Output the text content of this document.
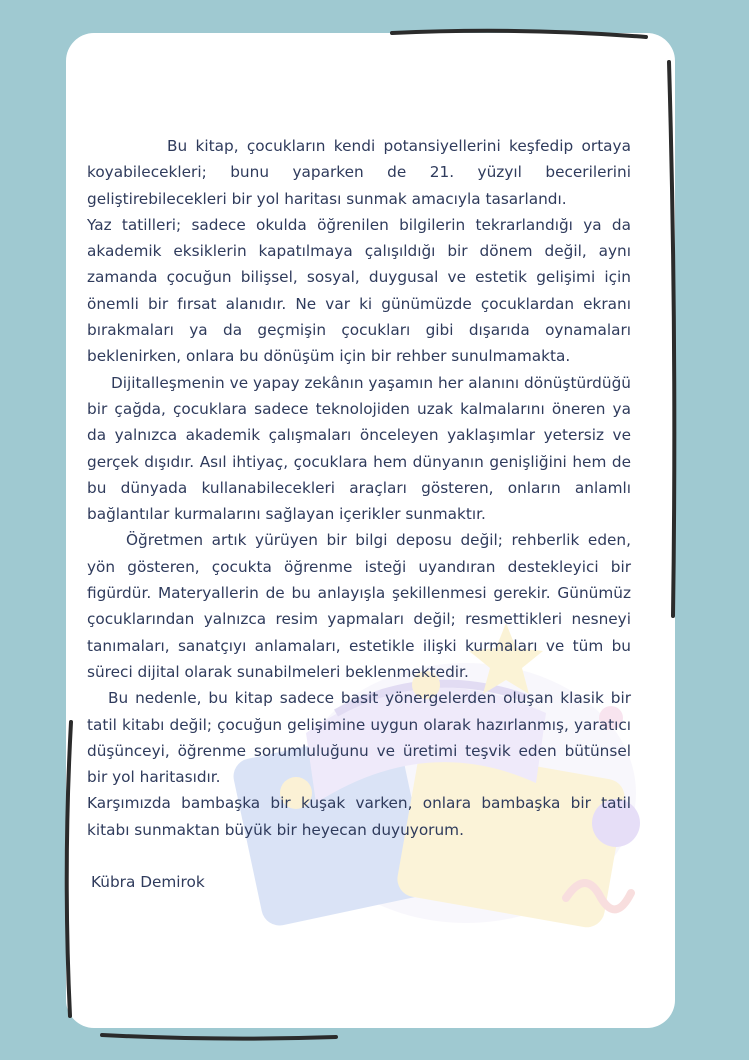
Bu kitap, çocukların kendi potansiyellerini keşfedip ortaya koyabilecekleri; bunu yaparken de 21. yüzyıl becerilerini geliştirebilecekleri bir yol haritası sunmak amacıyla tasarlandı.

Yaz tatilleri; sadece okulda öğrenilen bilgilerin tekrarlandığı ya da akademik eksiklerin kapatılmaya çalışıldığı bir dönem değil, aynı zamanda çocuğun bilişsel, sosyal, duygusal ve estetik gelişimi için önemli bir fırsat alanıdır. Ne var ki günümüzde çocuklardan ekranı bırakmaları ya da geçmişin çocukları gibi dışarıda oynamaları beklenirken, onlara bu dönüşüm için bir rehber sunulmamakta.

Dijitalleşmenin ve yapay zekânın yaşamın her alanını dönüştürdüğü bir çağda, çocuklara sadece teknolojiden uzak kalmalarını öneren ya da yalnızca akademik çalışmaları önceleyen yaklaşımlar yetersiz ve gerçek dışıdır. Asıl ihtiyaç, çocuklara hem dünyanın genişliğini hem de bu dünyada kullanabilecekleri araçları gösteren, onların anlamlı bağlantılar kurmalarını sağlayan içerikler sunmaktır.

Öğretmen artık yürüyen bir bilgi deposu değil; rehberlik eden, yön gösteren, çocukta öğrenme isteği uyandıran destekleyici bir figürdür. Materyallerin de bu anlayışla şekillenmesi gerekir. Günümüz çocuklarından yalnızca resim yapmaları değil; resmettikleri nesneyi tanımaları, sanatçıyı anlamaları, estetikle ilişki kurmaları ve tüm bu süreci dijital olarak sunabilmeleri beklenmektedir.

Bu nedenle, bu kitap sadece basit yönergelerden oluşan klasik bir tatil kitabı değil; çocuğun gelişimine uygun olarak hazırlanmış, yaratıcı düşünceyi, öğrenme sorumluluğunu ve üretimi teşvik eden bütünsel bir yol haritasıdır.

Karşımızda bambaşka bir kuşak varken, onlara bambaşka bir tatil kitabı sunmaktan büyük bir heyecan duyuyorum.

Kübra Demirok
